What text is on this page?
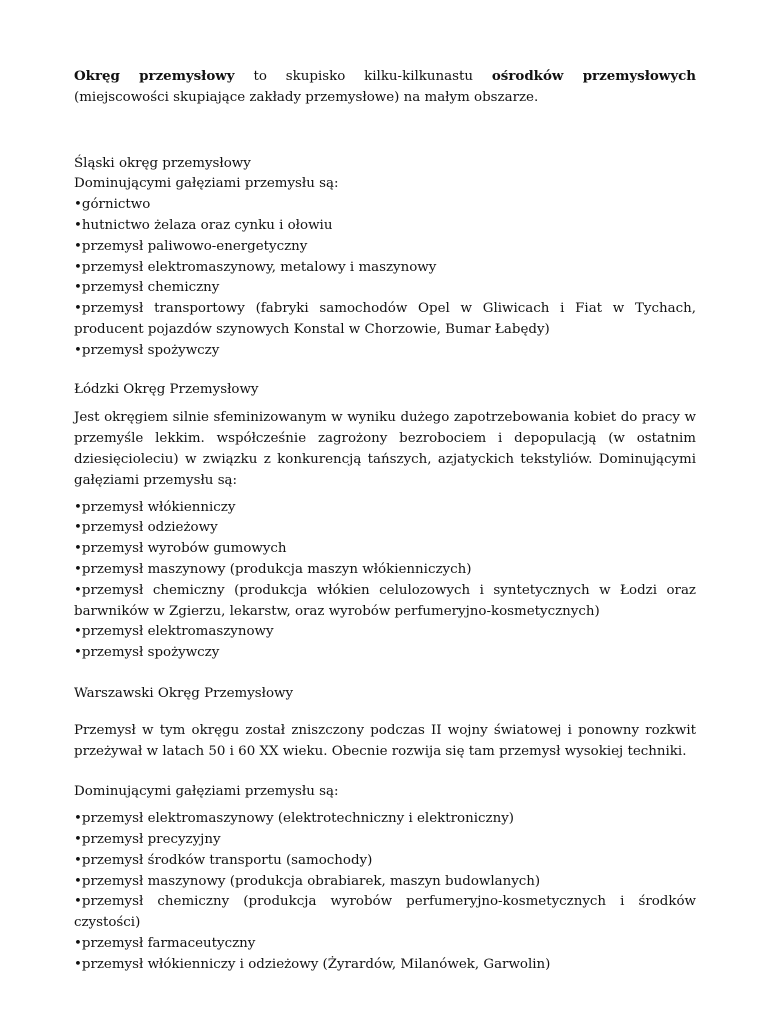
Okręg przemysłowy to skupisko kilku-kilkunastu ośrodków przemysłowych (miejscowości skupiające zakłady przemysłowe) na małym obszarze.

Śląski okręg przemysłowy

Dominującymi gałęziami przemysłu są:

• górnictwo
• hutnictwo żelaza oraz cynku i ołowiu
• przemysł paliwowo-energetyczny
• przemysł elektromaszynowy, metalowy i maszynowy
• przemysł chemiczny
• przemysł transportowy (fabryki samochodów Opel w Gliwicach i Fiat w Tychach, producent pojazdów szynowych Konstal w Chorzowie, Bumar Łabędy)
• przemysł spożywczy

Łódzki Okręg Przemysłowy

Jest okręgiem silnie sfeminizowanym w wyniku dużego zapotrzebowania kobiet do pracy w przemyśle lekkim. współcześnie zagrożony bezrobociem i depopulacją (w ostatnim dziesięcioleciu) w związku z konkurencją tańszych, azjatyckich tekstyliów. Dominującymi gałęziami przemysłu są:

• przemysł włókienniczy
• przemysł odzieżowy
• przemysł wyrobów gumowych
• przemysł maszynowy (produkcja maszyn włókienniczych)
• przemysł chemiczny (produkcja włókien celulozowych i syntetycznych w Łodzi oraz barwników w Zgierzu, lekarstw, oraz wyrobów perfumeryjno-kosmetycznych)
• przemysł elektromaszynowy
• przemysł spożywczy

Warszawski Okręg Przemysłowy

Przemysł w tym okręgu został zniszczony podczas II wojny światowej i ponowny rozkwit przeżywał w latach 50 i 60 XX wieku. Obecnie rozwija się tam przemysł wysokiej techniki.

Dominującymi gałęziami przemysłu są:

• przemysł elektromaszynowy (elektrotechniczny i elektroniczny)
• przemysł precyzyjny
• przemysł środków transportu (samochody)
• przemysł maszynowy (produkcja obrabiarek, maszyn budowlanych)
• przemysł chemiczny (produkcja wyrobów perfumeryjno-kosmetycznych i środków czystości)
• przemysł farmaceutyczny
• przemysł włókienniczy i odzieżowy (Żyrardów, Milanówek, Garwolin)
